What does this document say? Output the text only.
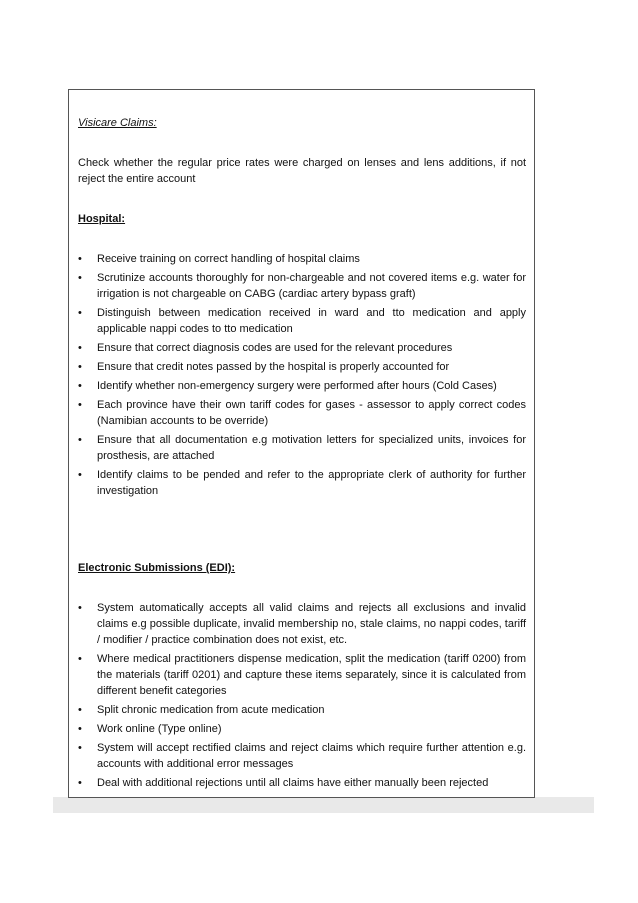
Visicare Claims:

Check whether the regular price rates were charged on lenses and lens additions, if not reject the entire account

Hospital:

•	Receive training on correct handling of hospital claims
•	Scrutinize accounts thoroughly for non-chargeable and not covered items e.g. water for irrigation is not chargeable on CABG (cardiac artery bypass graft)
•	Distinguish between medication received in ward and tto medication and apply applicable nappi codes to tto medication
•	Ensure that correct diagnosis codes are used for the relevant procedures
•	Ensure that credit notes passed by the hospital is properly accounted for
•	Identify whether non-emergency surgery were performed after hours (Cold Cases)
•	Each province have their own tariff codes for gases - assessor to apply correct codes (Namibian accounts to be override)
•	Ensure that all documentation e.g motivation letters for specialized units, invoices for prosthesis, are attached
•	Identify claims to be pended and refer to the appropriate clerk of authority for further investigation

Electronic Submissions (EDI):

•	System automatically accepts all valid claims and rejects all exclusions and invalid claims e.g possible duplicate, invalid membership no, stale claims, no nappi codes, tariff / modifier / practice combination does not exist, etc.
•	Where medical practitioners dispense medication, split the medication (tariff 0200) from the materials (tariff 0201) and capture these items separately, since it is calculated from different benefit categories
•	Split chronic medication from acute medication
•	Work online (Type online)
•	System will accept rectified claims and reject claims which require further attention e.g. accounts with additional error messages
•	Deal with additional rejections until all claims have either manually been rejected
